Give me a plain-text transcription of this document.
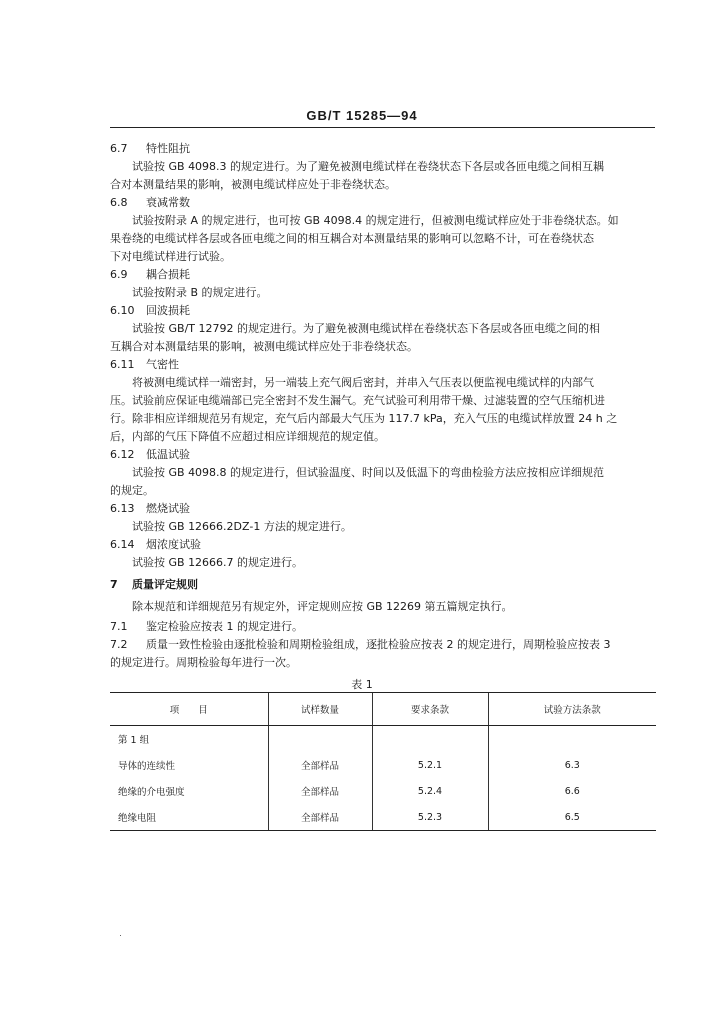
GB/T 15285—94
6.7 特性阻抗
试验按 GB 4098.3 的规定进行。为了避免被测电缆试样在卷绕状态下各层或各匝电缆之间相互耦
合对本测量结果的影响，被测电缆试样应处于非卷绕状态。
6.8 衰减常数
试验按附录 A 的规定进行，也可按 GB 4098.4 的规定进行，但被测电缆试样应处于非卷绕状态。如
果卷绕的电缆试样各层或各匝电缆之间的相互耦合对本测量结果的影响可以忽略不计，可在卷绕状态
下对电缆试样进行试验。
6.9 耦合损耗
试验按附录 B 的规定进行。
6.10 回波损耗
试验按 GB/T 12792 的规定进行。为了避免被测电缆试样在卷绕状态下各层或各匝电缆之间的相
互耦合对本测量结果的影响，被测电缆试样应处于非卷绕状态。
6.11 气密性
将被测电缆试样一端密封，另一端装上充气阀后密封，并串入气压表以便监视电缆试样的内部气
压。试验前应保证电缆端部已完全密封不发生漏气。充气试验可利用带干燥、过滤装置的空气压缩机进
行。除非相应详细规范另有规定，充气后内部最大气压为 117.7 kPa，充入气压的电缆试样放置 24 h 之
后，内部的气压下降值不应超过相应详细规范的规定值。
6.12 低温试验
试验按 GB 4098.8 的规定进行，但试验温度、时间以及低温下的弯曲检验方法应按相应详细规范
的规定。
6.13 燃烧试验
试验按 GB 12666.2DZ-1 方法的规定进行。
6.14 烟浓度试验
试验按 GB 12666.7 的规定进行。
7 质量评定规则
除本规范和详细规范另有规定外，评定规则应按 GB 12269 第五篇规定执行。
7.1 鉴定检验应按表 1 的规定进行。
7.2 质量一致性检验由逐批检验和周期检验组成，逐批检验应按表 2 的规定进行，周期检验应按表 3
的规定进行。周期检验每年进行一次。
表 1
项　　目	试样数量	要求条款	试验方法条款
第 1 组			
导体的连续性	全部样品	5.2.1	6.3
绝缘的介电强度	全部样品	5.2.4	6.6
绝缘电阻	全部样品	5.2.3	6.5
